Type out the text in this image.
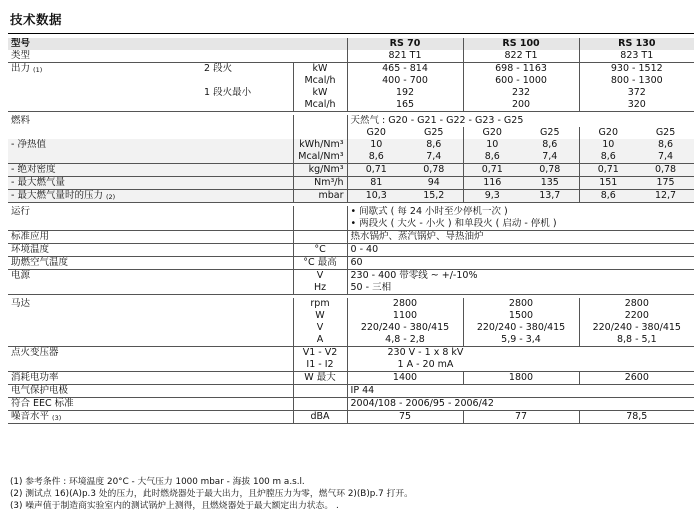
技术数据
型号			RS 70		RS 100		RS 130	
类型			821 T1		822 T1		823 T1	
出力 (1)	2 段火	kW	465 - 814		698 - 1163		930 - 1512	
		Mcal/h	400 - 700		600 - 1000		800 - 1300	
	1 段火最小	kW	192		232		372	
		Mcal/h	165		200		320	

燃料			天然气 : G20 - G21 - G22 - G23 - G25					
			G20	G25	G20	G25	G20	G25
- 净热值		kWh/Nm³	10	8,6	10	8,6	10	8,6
		Mcal/Nm³	8,6	7,4	8,6	7,4	8,6	7,4
- 绝对密度		kg/Nm³	0,71	0,78	0,71	0,78	0,71	0,78
- 最大燃气量		Nm³/h	81	94	116	135	151	175
- 最大燃气量时的压力 (2)		mbar	10,3	15,2	9,3	13,7	8,6	12,7

运行			• 间歇式 ( 每 24 小时至少停机一次 )					
			• 两段火 ( 大火 - 小火 ) 和单段火 ( 启动 - 停机 )					
标准应用			热水锅炉、蒸汽锅炉、导热油炉					
环境温度		°C	0 - 40					
助燃空气温度		°C 最高	60					
电源		V	230 - 400 带零线 ~ +/-10%					
		Hz	50 - 三相					

马达		rpm	2800		2800		2800	
		W	1100		1500		2200	
		V	220/240 - 380/415		220/240 - 380/415		220/240 - 380/415	
		A	4,8 - 2,8		5,9 - 3,4		8,8 - 5,1	
点火变压器		V1 - V2	230 V - 1 x 8 kV					
		I1 - I2	1 A - 20 mA					
消耗电功率		W 最大	1400		1800		2600	
电气保护电极			IP 44					
符合 EEC 标准			2004/108 - 2006/95 - 2006/42					
噪音水平 (3)		dBA	75		77		78,5	
(1) 参考条件 : 环境温度 20°C - 大气压力 1000 mbar - 海拔 100 m a.s.l.
(2) 测试点 16)(A)p.3 处的压力，此时燃烧器处于最大出力，且炉膛压力为零，燃气环 2)(B)p.7 打开。
(3) 噪声值于制造商实验室内的测试锅炉上测得，且燃烧器处于最大额定出力状态。 .
